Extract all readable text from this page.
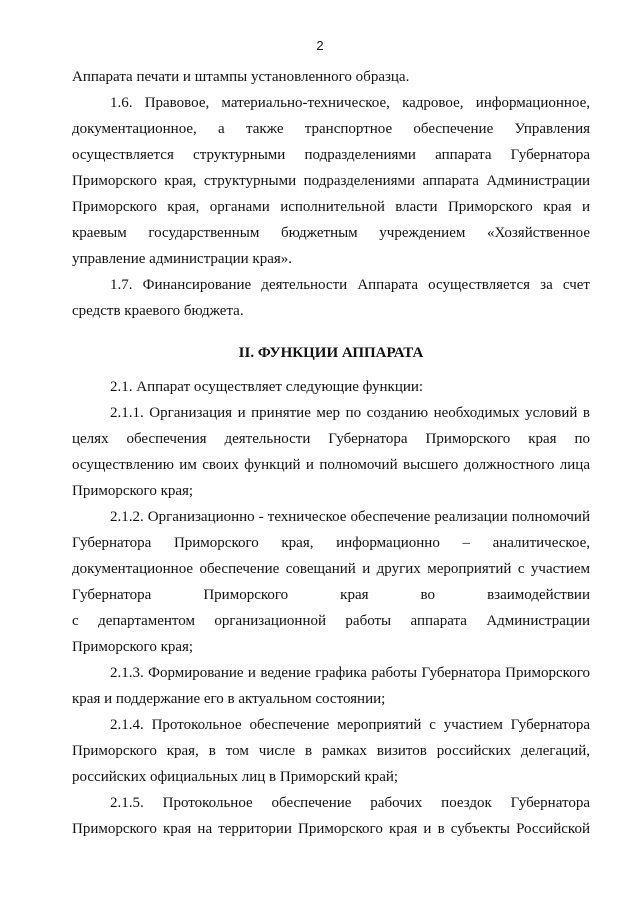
2
Аппарата печати и штампы установленного образца.
1.6. Правовое, материально-техническое, кадровое, информационное,
документационное, а также транспортное обеспечение Управления
осуществляется структурными подразделениями аппарата Губернатора
Приморского края, структурными подразделениями аппарата Администрации
Приморского края, органами исполнительной власти Приморского края и
краевым государственным бюджетным учреждением «Хозяйственное
управление администрации края».
1.7. Финансирование деятельности Аппарата осуществляется за счет
средств краевого бюджета.
II. ФУНКЦИИ АППАРАТА
2.1. Аппарат осуществляет следующие функции:
2.1.1. Организация и принятие мер по созданию необходимых условий в
целях обеспечения деятельности Губернатора Приморского края по
осуществлению им своих функций и полномочий высшего должностного лица
Приморского края;
2.1.2. Организационно - техническое обеспечение реализации полномочий
Губернатора Приморского края, информационно – аналитическое,
документационное обеспечение совещаний и других мероприятий с участием
Губернатора Приморского края во взаимодействии
с департаментом организационной работы аппарата Администрации
Приморского края;
2.1.3. Формирование и ведение графика работы Губернатора Приморского
края и поддержание его в актуальном состоянии;
2.1.4. Протокольное обеспечение мероприятий с участием Губернатора
Приморского края, в том числе в рамках визитов российских делегаций,
российских официальных лиц в Приморский край;
2.1.5. Протокольное обеспечение рабочих поездок Губернатора
Приморского края на территории Приморского края и в субъекты Российской
